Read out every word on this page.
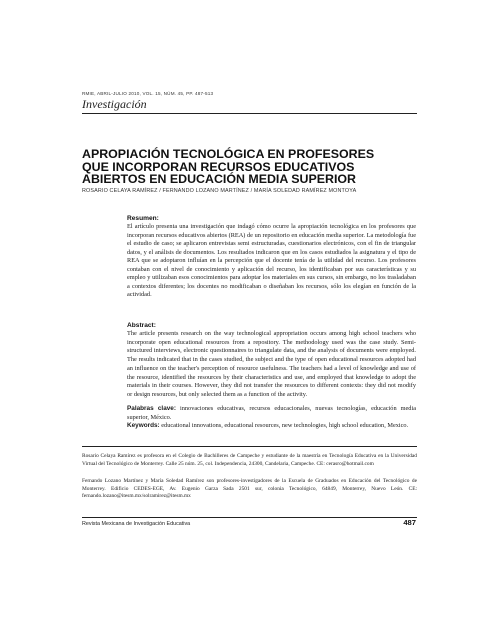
RMIE, ABRIL-JULIO 2010, VOL. 15, NÚM. 45, PP. 487-513
Investigación
APROPIACIÓN TECNOLÓGICA EN PROFESORES
QUE INCORPORAN RECURSOS EDUCATIVOS
ABIERTOS EN EDUCACIÓN MEDIA SUPERIOR
ROSARIO CELAYA RAMÍREZ / FERNANDO LOZANO MARTÍNEZ / MARÍA SOLEDAD RAMÍREZ MONTOYA
Resumen:

El artículo presenta una investigación que indagó cómo ocurre la apropiación tecnológica en los profesores que incorporan recursos educativos abiertos (REA) de un repositorio en educación media superior. La metodología fue el estudio de caso; se aplicaron entrevistas semi estructuradas, cuestionarios electrónicos, con el fin de triangular datos, y el análisis de documentos. Los resultados indicaron que en los casos estudiados la asignatura y el tipo de REA que se adoptaron influían en la percepción que el docente tenía de la utilidad del recurso. Los profesores contaban con el nivel de conocimiento y aplicación del recurso, los identificaban por sus características y su empleo y utilizaban esos conocimientos para adoptar los materiales en sus cursos, sin embargo, no los trasladaban a contextos diferentes; los docentes no modificaban o diseñaban los recursos, sólo los elegían en función de la actividad.

Abstract:

The article presents research on the way technological appropriation occurs among high school teachers who incorporate open educational resources from a repository. The methodology used was the case study. Semi-structured interviews, electronic questionnaires to triangulate data, and the analysis of documents were employed. The results indicated that in the cases studied, the subject and the type of open educational resources adopted had an influence on the teacher's perception of resource usefulness. The teachers had a level of knowledge and use of the resource, identified the resources by their characteristics and use, and employed that knowledge to adopt the materials in their courses. However, they did not transfer the resources to different contexts: they did not modify or design resources, but only selected them as a function of the activity.

Palabras clave: innovaciones educativas, recursos educacionales, nuevas tecnologías, educación media superior, México.

Keywords: educational innovations, educational resources, new technologies, high school education, Mexico.

Rosario Celaya Ramírez es profesora en el Colegio de Bachilleres de Campeche y estudiante de la maestría en Tecnología Educativa en la Universidad Virtual del Tecnológico de Monterrey. Calle 25 núm. 25, col. Independencia, 24300, Candelaria, Campeche. CE: cerasro@hotmail.com

Fernando Lozano Martínez y María Soledad Ramírez son profesores-investigadores de la Escuela de Graduados en Educación del Tecnológico de Monterrey. Edificio CEDES-EGE, Av. Eugenio Garza Sada 2501 sur, colonia Tecnológico, 64849, Monterrey, Nuevo León. CE: fernando.lozano@itesm.mx/solramirez@itesm.mx

Revista Mexicana de Investigación Educativa	487
